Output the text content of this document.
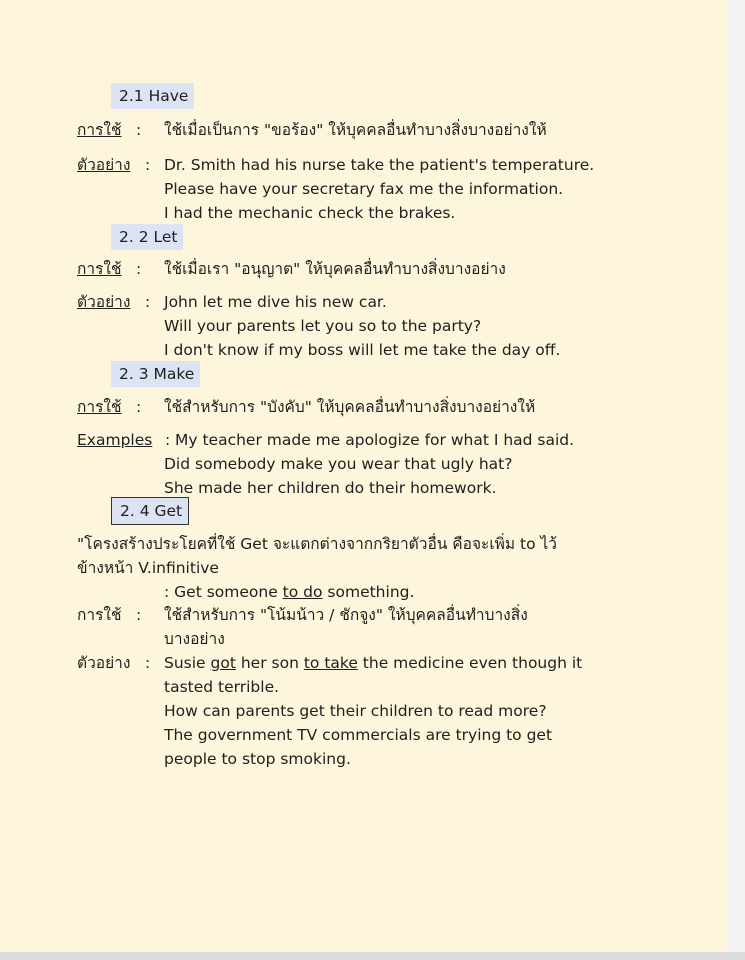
2.1 Have
การใช้ : ใช้เมื่อเป็นการ "ขอร้อง" ให้บุคคลอื่นทำบางสิ่งบางอย่างให้
ตัวอย่าง : Dr. Smith had his nurse take the patient's temperature.
Please have your secretary fax me the information.
I had the mechanic check the brakes.
2. 2 Let
การใช้ : ใช้เมื่อเรา "อนุญาต" ให้บุคคลอื่นทำบางสิ่งบางอย่าง
ตัวอย่าง : John let me dive his new car.
Will your parents let you so to the party?
I don't know if my boss will let me take the day off.
2. 3 Make
การใช้ : ใช้สำหรับการ "บังคับ" ให้บุคคลอื่นทำบางสิ่งบางอย่างให้
Examples : My teacher made me apologize for what I had said.
Did somebody make you wear that ugly hat?
She made her children do their homework.
2. 4 Get
"โครงสร้างประโยคที่ใช้ Get จะแตกต่างจากกริยาตัวอื่น คือจะเพิ่ม to ไว้
ข้างหน้า V.infinitive
: Get someone to do something.
การใช้ : ใช้สำหรับการ "โน้มน้าว / ชักจูง" ให้บุคคลอื่นทำบางสิ่ง
บางอย่าง
ตัวอย่าง : Susie got her son to take the medicine even though it
tasted terrible.
How can parents get their children to read more?
The government TV commercials are trying to get
people to stop smoking.
